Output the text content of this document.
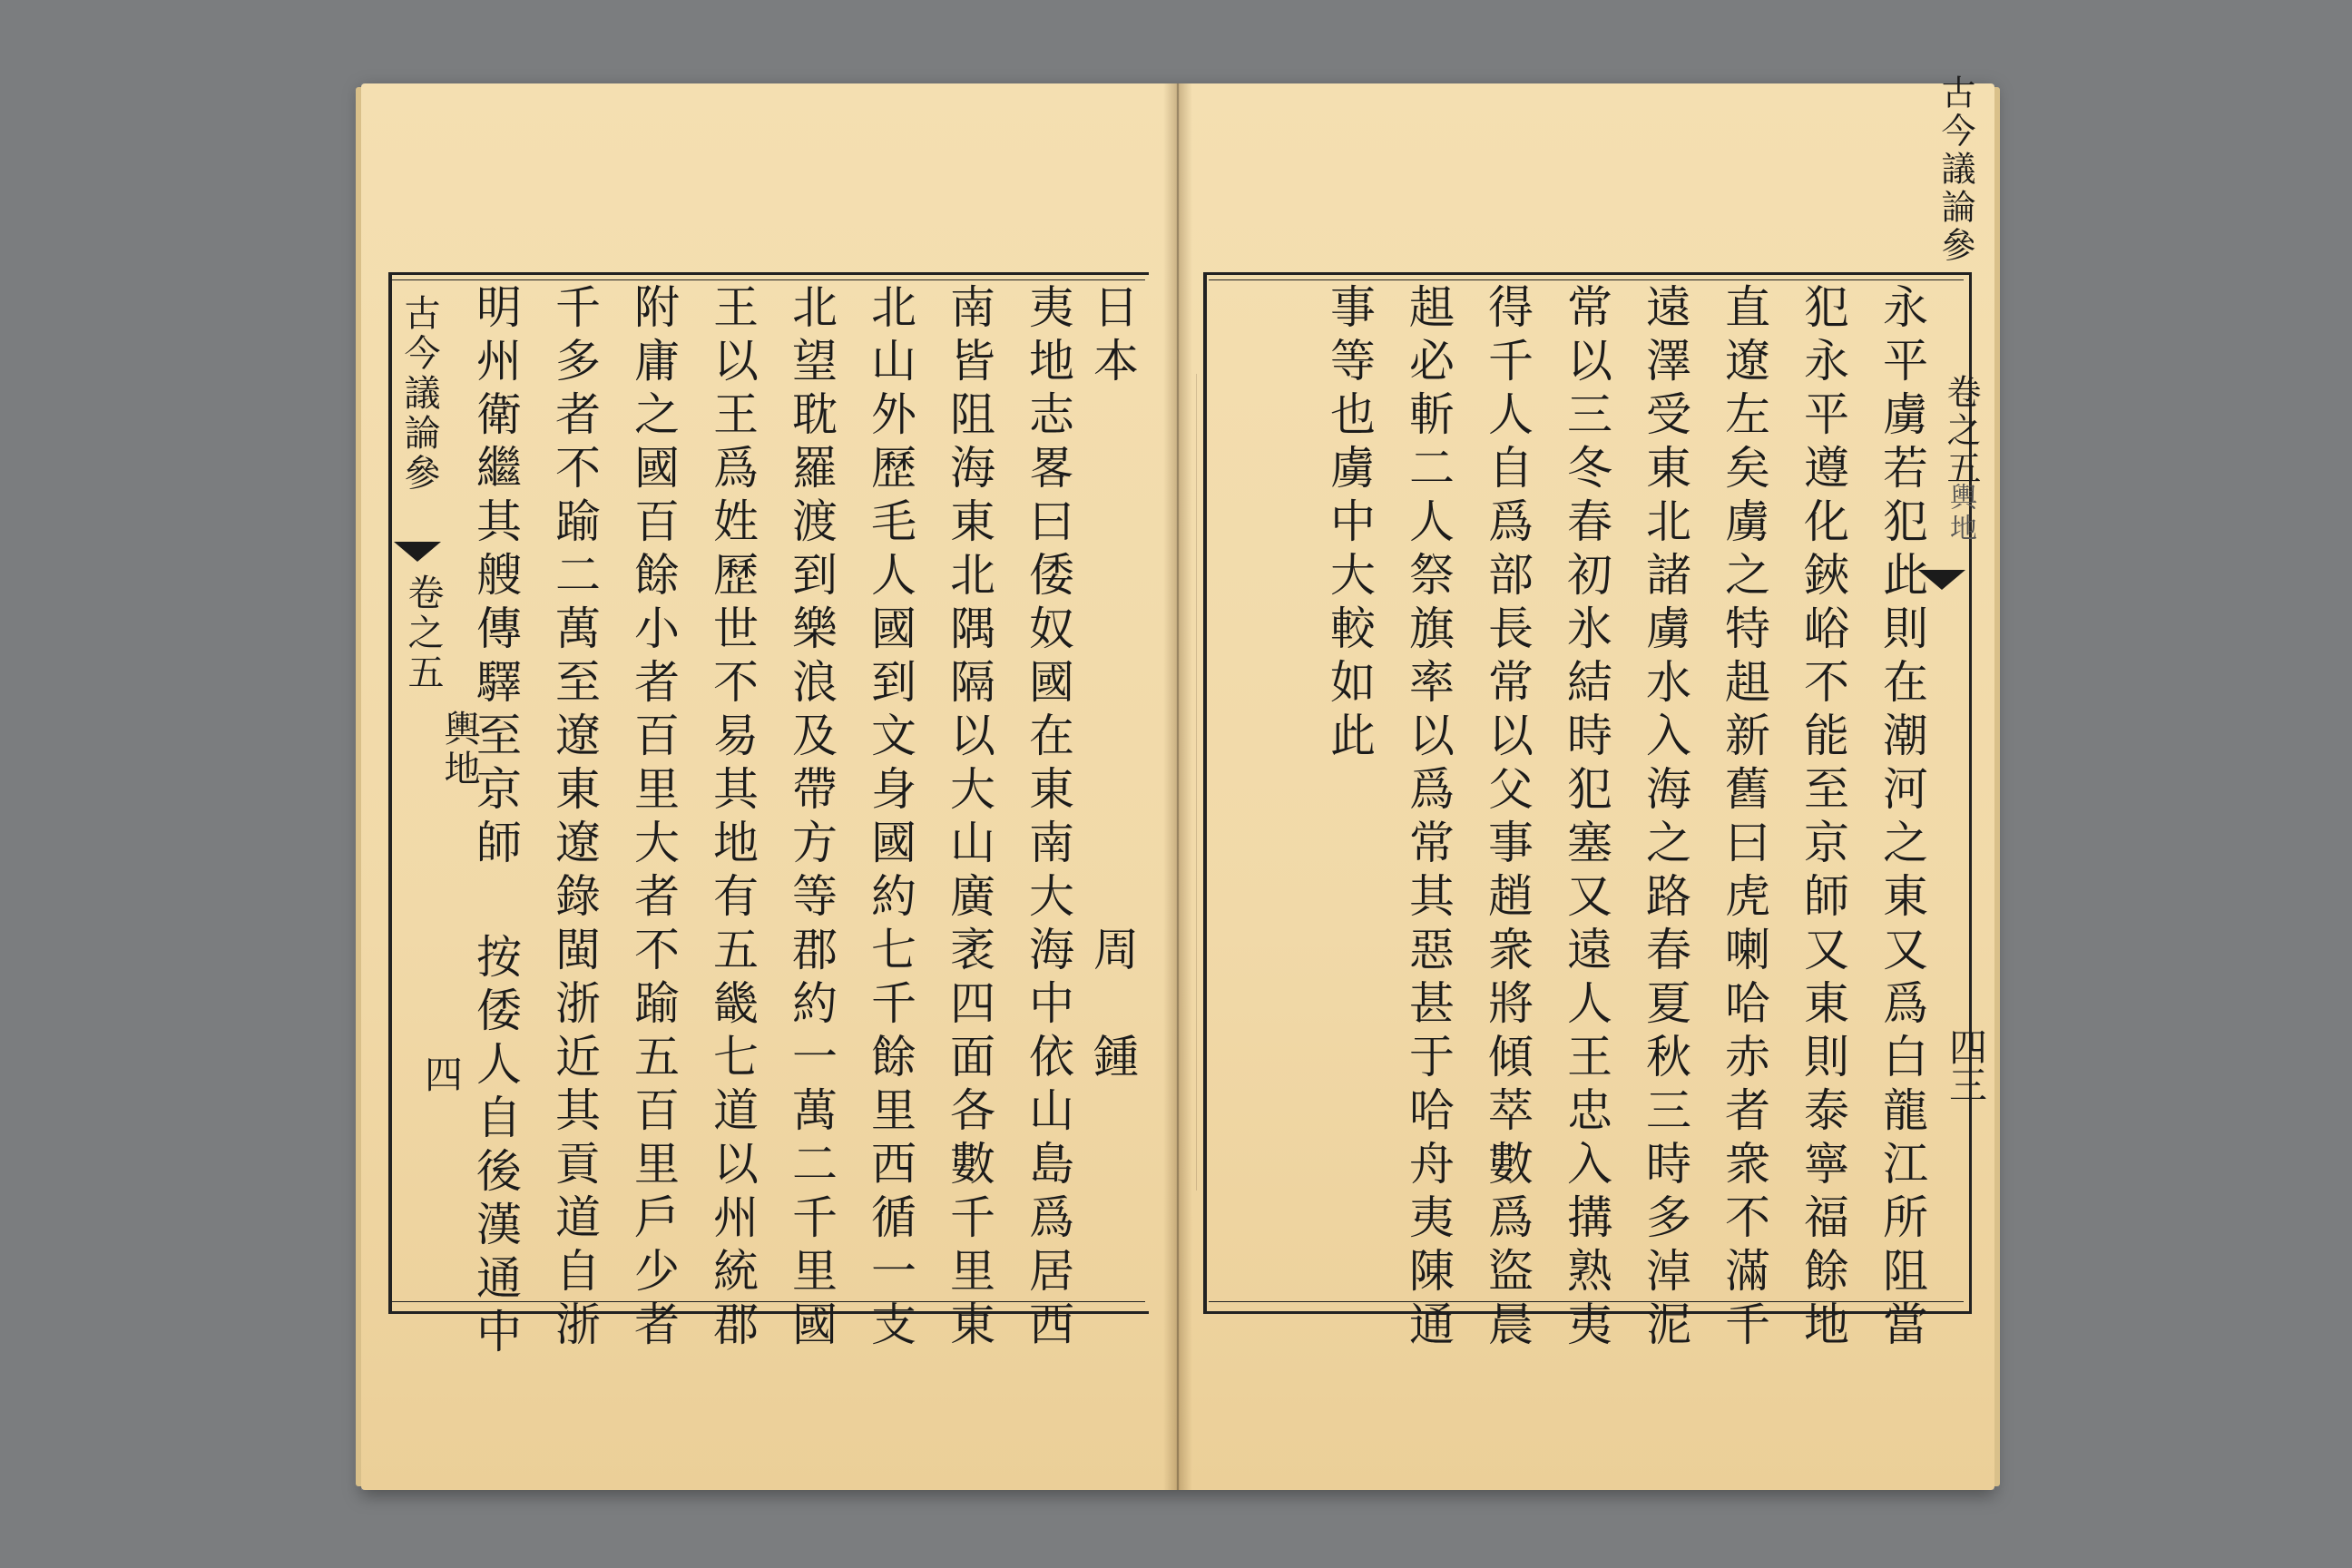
古今議論參
卷之五
輿地
四 明州衛繼其艘傳驛至京師 按倭人自後漢通中 千多者不踰二萬至遼東遼錄閩浙近其貢道自浙 附庸之國百餘小者百里大者不踰五百里戶少者 王以王爲姓歷世不易其地有五畿七道以州統郡 北望耽羅渡到樂浪及帶方等郡約一萬二千里國 北山外歷毛人國到文身國約七千餘里西循一支 南皆阻海東北隅隔以大山廣袤四面各數千里東 夷地志畧曰倭奴國在東南大海中依山島爲居西 日本　　　　　　　　　　周　鍾	永平虜若犯此則在潮河之東又爲白龍江所阻當
犯永平遵化鋏峪不能至京師又東則泰寧福餘地
直遼左矣虜之特趄新舊曰虎喇哈赤者衆不滿千
遠澤受東北諸虜水入海之路春夏秋三時多淖泥
常以三冬春初氷結時犯塞又遠人王忠入搆熟夷
得千人自爲部長常以父事趙衆將傾萃數爲盜晨
趄必斬二人祭旗率以爲常其惡甚于哈舟夷陳通
事等也虜中大較如此
古今議論參
卷之五
輿地
四三
